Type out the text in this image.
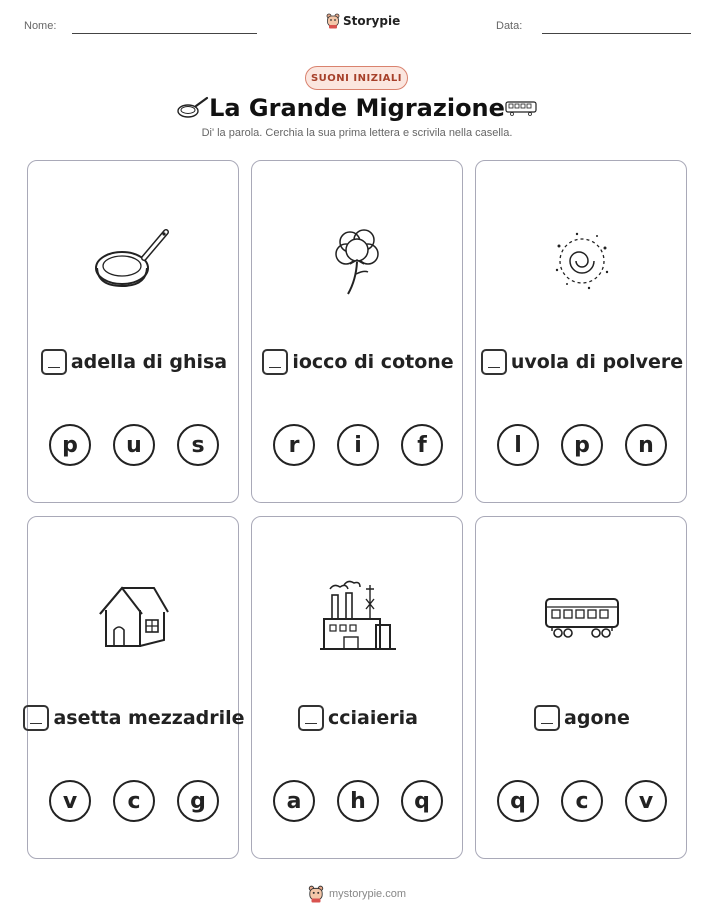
Nome:	Storypie	Data:
SUONI INIZIALI
La Grande Migrazione
Di' la parola. Cerchia la sua prima lettera e scrivila nella casella.
adella di ghisa
p	u	s
iocco di cotone
r	i	f
uvola di polvere
l	p	n
asetta mezzadrile
v	c	g
cciaieria
a	h	q
agone
q	c	v
mystorypie.com
